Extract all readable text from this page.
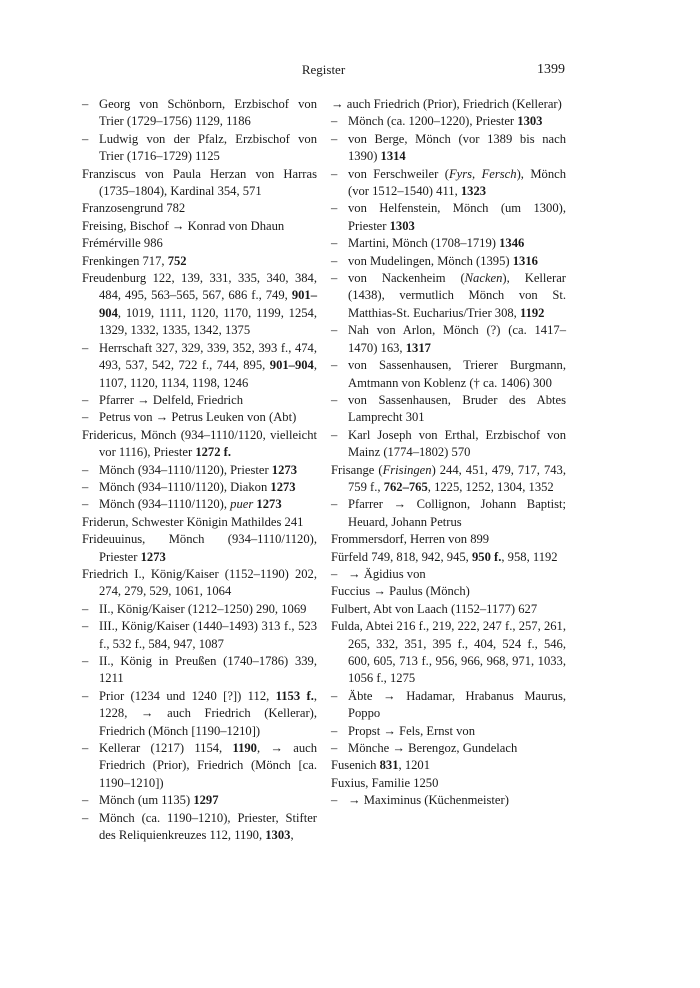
Register	1399
– Georg von Schönborn, Erzbischof von Trier (1729–1756) 1129, 1186
– Ludwig von der Pfalz, Erzbischof von Trier (1716–1729) 1125
Franziscus von Paula Herzan von Harras (1735–1804), Kardinal 354, 571
Franzosengrund 782
Freising, Bischof → Konrad von Dhaun
Frémérville 986
Frenkingen 717, 752
Freudenburg 122, 139, 331, 335, 340, 384, 484, 495, 563–565, 567, 686 f., 749, 901–904, 1019, 1111, 1120, 1170, 1199, 1254, 1329, 1332, 1335, 1342, 1375
– Herrschaft 327, 329, 339, 352, 393 f., 474, 493, 537, 542, 722 f., 744, 895, 901–904, 1107, 1120, 1134, 1198, 1246
– Pfarrer → Delfeld, Friedrich
– Petrus von → Petrus Leuken von (Abt)
Fridericus, Mönch (934–1110/1120, vielleicht vor 1116), Priester 1272 f.
– Mönch (934–1110/1120), Priester 1273
– Mönch (934–1110/1120), Diakon 1273
– Mönch (934–1110/1120), puer 1273
Friderun, Schwester Königin Mathildes 241
Frideuuinus, Mönch (934–1110/1120), Priester 1273
Friedrich I., König/Kaiser (1152–1190) 202, 274, 279, 529, 1061, 1064
– II., König/Kaiser (1212–1250) 290, 1069
– III., König/Kaiser (1440–1493) 313 f., 523 f., 532 f., 584, 947, 1087
– II., König in Preußen (1740–1786) 339, 1211
– Prior (1234 und 1240 [?]) 112, 1153 f., 1228, → auch Friedrich (Kellerar), Friedrich (Mönch [1190–1210])
– Kellerar (1217) 1154, 1190, → auch Friedrich (Prior), Friedrich (Mönch [ca. 1190–1210])
– Mönch (um 1135) 1297
– Mönch (ca. 1190–1210), Priester, Stifter des Reliquienkreuzes 112, 1190, 1303,
→ auch Friedrich (Prior), Friedrich (Kellerar)
– Mönch (ca. 1200–1220), Priester 1303
– von Berge, Mönch (vor 1389 bis nach 1390) 1314
– von Ferschweiler (Fyrs, Fersch), Mönch (vor 1512–1540) 411, 1323
– von Helfenstein, Mönch (um 1300), Priester 1303
– Martini, Mönch (1708–1719) 1346
– von Mudelingen, Mönch (1395) 1316
– von Nackenheim (Nacken), Kellerar (1438), vermutlich Mönch von St. Matthias-St. Eucharius/Trier 308, 1192
– Nah von Arlon, Mönch (?) (ca. 1417–1470) 163, 1317
– von Sassenhausen, Trierer Burgmann, Amtmann von Koblenz († ca. 1406) 300
– von Sassenhausen, Bruder des Abtes Lamprecht 301
– Karl Joseph von Erthal, Erzbischof von Mainz (1774–1802) 570
Frisange (Frisingen) 244, 451, 479, 717, 743, 759 f., 762–765, 1225, 1252, 1304, 1352
– Pfarrer → Collignon, Johann Baptist; Heuard, Johann Petrus
Frommersdorf, Herren von 899
Fürfeld 749, 818, 942, 945, 950 f., 958, 1192
– → Ägidius von
Fuccius → Paulus (Mönch)
Fulbert, Abt von Laach (1152–1177) 627
Fulda, Abtei 216 f., 219, 222, 247 f., 257, 261, 265, 332, 351, 395 f., 404, 524 f., 546, 600, 605, 713 f., 956, 966, 968, 971, 1033, 1056 f., 1275
– Äbte → Hadamar, Hrabanus Maurus, Poppo
– Propst → Fels, Ernst von
– Mönche → Berengoz, Gundelach
Fusenich 831, 1201
Fuxius, Familie 1250
– → Maximinus (Küchenmeister)
